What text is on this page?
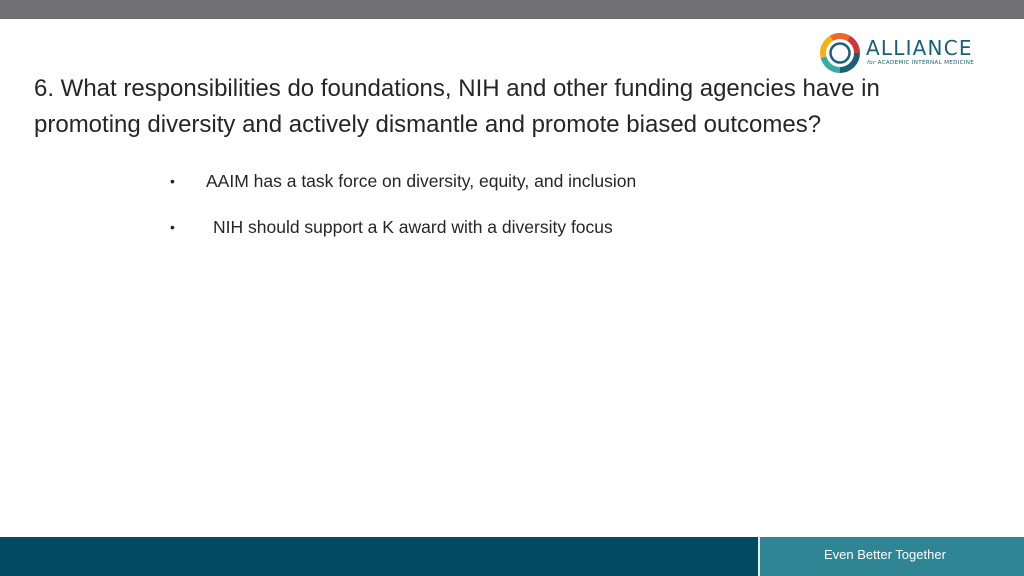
ALLIANCE
for ACADEMIC INTERNAL MEDICINE
6. What responsibilities do foundations, NIH and other funding agencies have in promoting diversity and actively dismantle and promote biased outcomes?
• AAIM has a task force on diversity, equity, and inclusion
• NIH should support a K award with a diversity focus
Even Better Together
